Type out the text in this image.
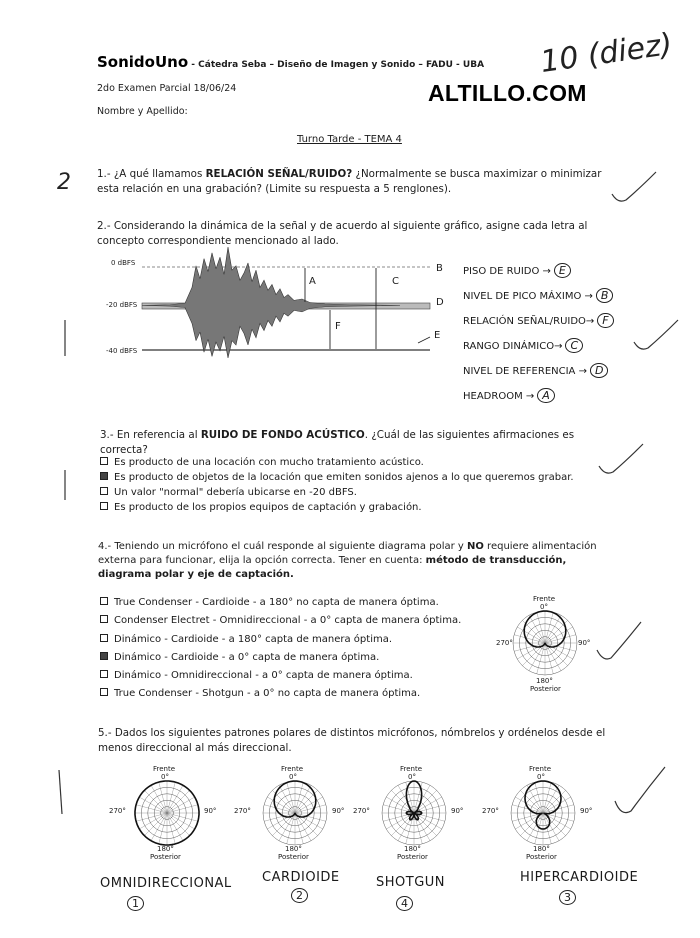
SonidoUno - Cátedra Seba – Diseño de Imagen y Sonido – FADU - UBA
2do Examen Parcial 18/06/24
Nombre y Apellido:
ALTILLO.COM
10 (diez)
Turno Tarde - TEMA 4
2	1.- ¿A qué llamamos RELACIÓN SEÑAL/RUIDO? ¿Normalmente se busca maximizar o minimizar esta relación en una grabación? (Limite su respuesta a 5 renglones).
2.- Considerando la dinámica de la señal y de acuerdo al siguiente gráfico, asigne cada letra al concepto correspondiente mencionado al lado.
0 dBFS
-20 dBFS
-40 dBFS
A
B
C
D
E
F
PISO DE RUIDO → E
NIVEL DE PICO MÁXIMO → B
RELACIÓN SEÑAL/RUIDO→ F
RANGO DINÁMICO→ C
NIVEL DE REFERENCIA → D
HEADROOM → A
3.- En referencia al RUIDO DE FONDO ACÚSTICO. ¿Cuál de las siguientes afirmaciones es correcta?
Es producto de una locación con mucho tratamiento acústico.
Es producto de objetos de la locación que emiten sonidos ajenos a lo que queremos grabar.
Un valor "normal" debería ubicarse en -20 dBFS.
Es producto de los propios equipos de captación y grabación.
4.- Teniendo un micrófono el cuál responde al siguiente diagrama polar y NO requiere alimentación
externa para funcionar, elija la opción correcta. Tener en cuenta: método de transducción,
diagrama polar y eje de captación.
True Condenser - Cardioide - a 180° no capta de manera óptima.
Condenser Electret - Omnidireccional - a 0° capta de manera óptima.
Dinámico - Cardioide - a 180° capta de manera óptima.
Dinámico - Cardioide - a 0° capta de manera óptima.
Dinámico - Omnidireccional - a 0° capta de manera óptima.
True Condenser - Shotgun - a 0° no capta de manera óptima.
Frente
0°
270°	90°
180°
Posterior
5.- Dados los siguientes patrones polares de distintos micrófonos, nómbrelos y ordénelos desde el menos direccional al más direccional.
Frente
0°
270°	90°
180°
Posterior
Frente
0°
270°	90°
180°
Posterior
Frente
0°
270°	90°
180°
Posterior
Frente
0°
270°	90°
180°
Posterior
OMNIDIRECCIONAL CARDIOIDE	SHOTGUN	HIPERCARDIOIDE
1
2
4	3
